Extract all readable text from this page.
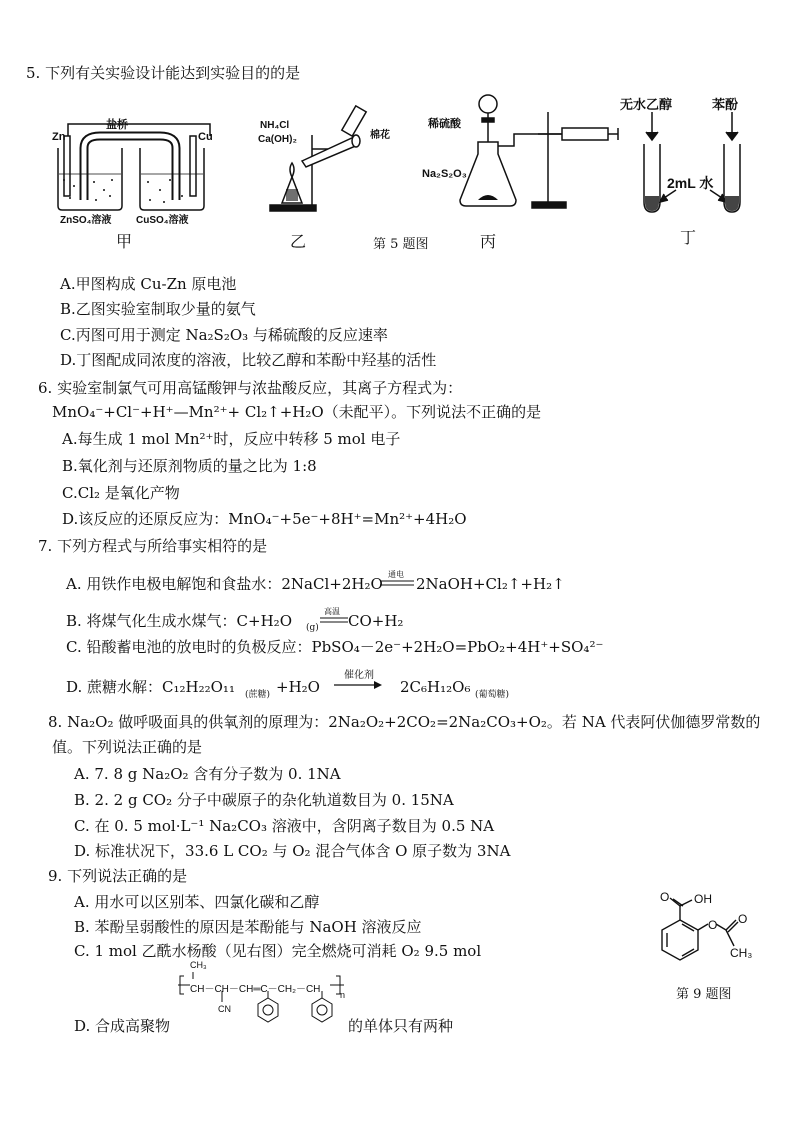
5. 下列有关实验设计能达到实验目的的是
Zn
盐桥
Cu
ZnSO₄溶液 CuSO₄溶液
甲
NH₄Cl
Ca(OH)₂	棉花
乙	第 5 题图
稀硫酸
Na₂S₂O₃
丙
无水乙醇	苯酚
2mL 水
丁
A.甲图构成 Cu-Zn 原电池
B.乙图实验室制取少量的氨气
C.丙图可用于测定 Na₂S₂O₃ 与稀硫酸的反应速率
D.丁图配成同浓度的溶液，比较乙醇和苯酚中羟基的活性
6. 实验室制氯气可用高锰酸钾与浓盐酸反应，其离子方程式为：
MnO₄⁻+Cl⁻+H⁺—Mn²⁺+ Cl₂↑+H₂O（未配平）。下列说法不正确的是
A.每生成 1 mol Mn²⁺时，反应中转移 5 mol 电子
B.氧化剂与还原剂物质的量之比为 1:8
C.Cl₂ 是氧化产物
D.该反应的还原反应为：MnO₄⁻+5e⁻+8H⁺=Mn²⁺+4H₂O
7. 下列方程式与所给事实相符的是
A. 用铁作电极电解饱和食盐水：2NaCl+2H₂O
通电
2NaOH+Cl₂↑+H₂↑
B. 将煤气化生成水煤气：C+H₂O (g)
高温
CO+H₂
C. 铅酸蓄电池的放电时的负极反应：PbSO₄－2e⁻+2H₂O=PbO₂+4H⁺+SO₄²⁻
D. 蔗糖水解：C₁₂H₂₂O₁₁ (蔗糖) +H₂O
催化剂
2C₆H₁₂O₆ (葡萄糖)
8. Na₂O₂ 做呼吸面具的供氧剂的原理为：2Na₂O₂+2CO₂=2Na₂CO₃+O₂。若 NA 代表阿伏伽德罗常数的
值。下列说法正确的是
A. 7. 8 g Na₂O₂ 含有分子数为 0. 1NA
B. 2. 2 g CO₂ 分子中碳原子的杂化轨道数目为 0. 15NA
C. 在 0. 5 mol·L⁻¹ Na₂CO₃ 溶液中，含阴离子数目为 0.5 NA
D. 标准状况下，33.6 L CO₂ 与 O₂ 混合气体含 O 原子数为 3NA
9. 下列说法正确的是
A. 用水可以区别苯、四氯化碳和乙醇
B. 苯酚呈弱酸性的原因是苯酚能与 NaOH 溶液反应
C. 1 mol 乙酰水杨酸（见右图）完全燃烧可消耗 O₂ 9.5 mol
CH₃
CH－CH－CH═C－CH₂－CH
CN
n
D. 合成高聚物	的单体只有两种
OH
O
O O
CH₃
第 9 题图
